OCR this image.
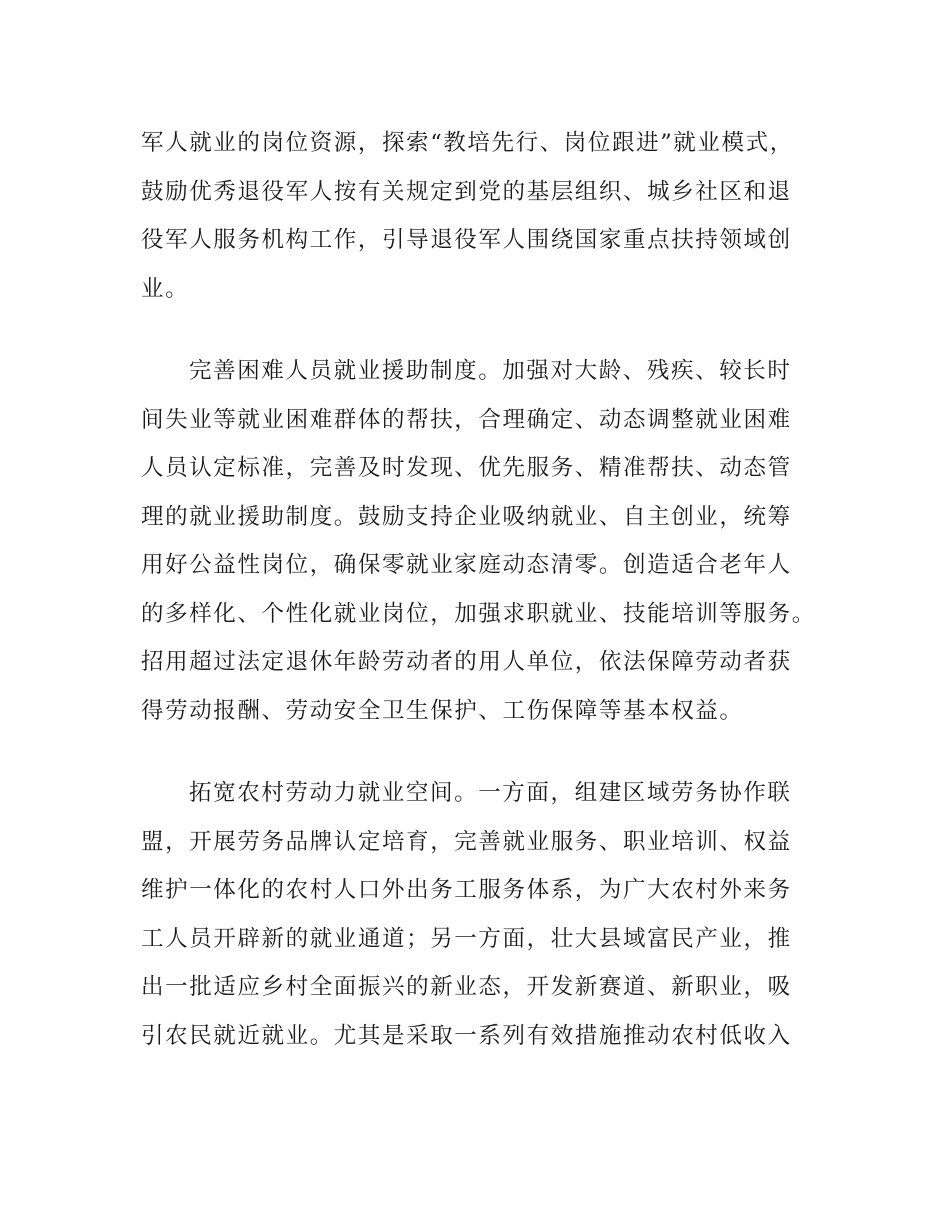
军人就业的岗位资源，探索“教培先行、岗位跟进”就业模式，
鼓励优秀退役军人按有关规定到党的基层组织、城乡社区和退
役军人服务机构工作，引导退役军人围绕国家重点扶持领域创
业。

完善困难人员就业援助制度。加强对大龄、残疾、较长时
间失业等就业困难群体的帮扶，合理确定、动态调整就业困难
人员认定标准，完善及时发现、优先服务、精准帮扶、动态管
理的就业援助制度。鼓励支持企业吸纳就业、自主创业，统筹
用好公益性岗位，确保零就业家庭动态清零。创造适合老年人
的多样化、个性化就业岗位，加强求职就业、技能培训等服务。
招用超过法定退休年龄劳动者的用人单位，依法保障劳动者获
得劳动报酬、劳动安全卫生保护、工伤保障等基本权益。

拓宽农村劳动力就业空间。一方面，组建区域劳务协作联
盟，开展劳务品牌认定培育，完善就业服务、职业培训、权益
维护一体化的农村人口外出务工服务体系，为广大农村外来务
工人员开辟新的就业通道；另一方面，壮大县域富民产业，推
出一批适应乡村全面振兴的新业态，开发新赛道、新职业，吸
引农民就近就业。尤其是采取一系列有效措施推动农村低收入
